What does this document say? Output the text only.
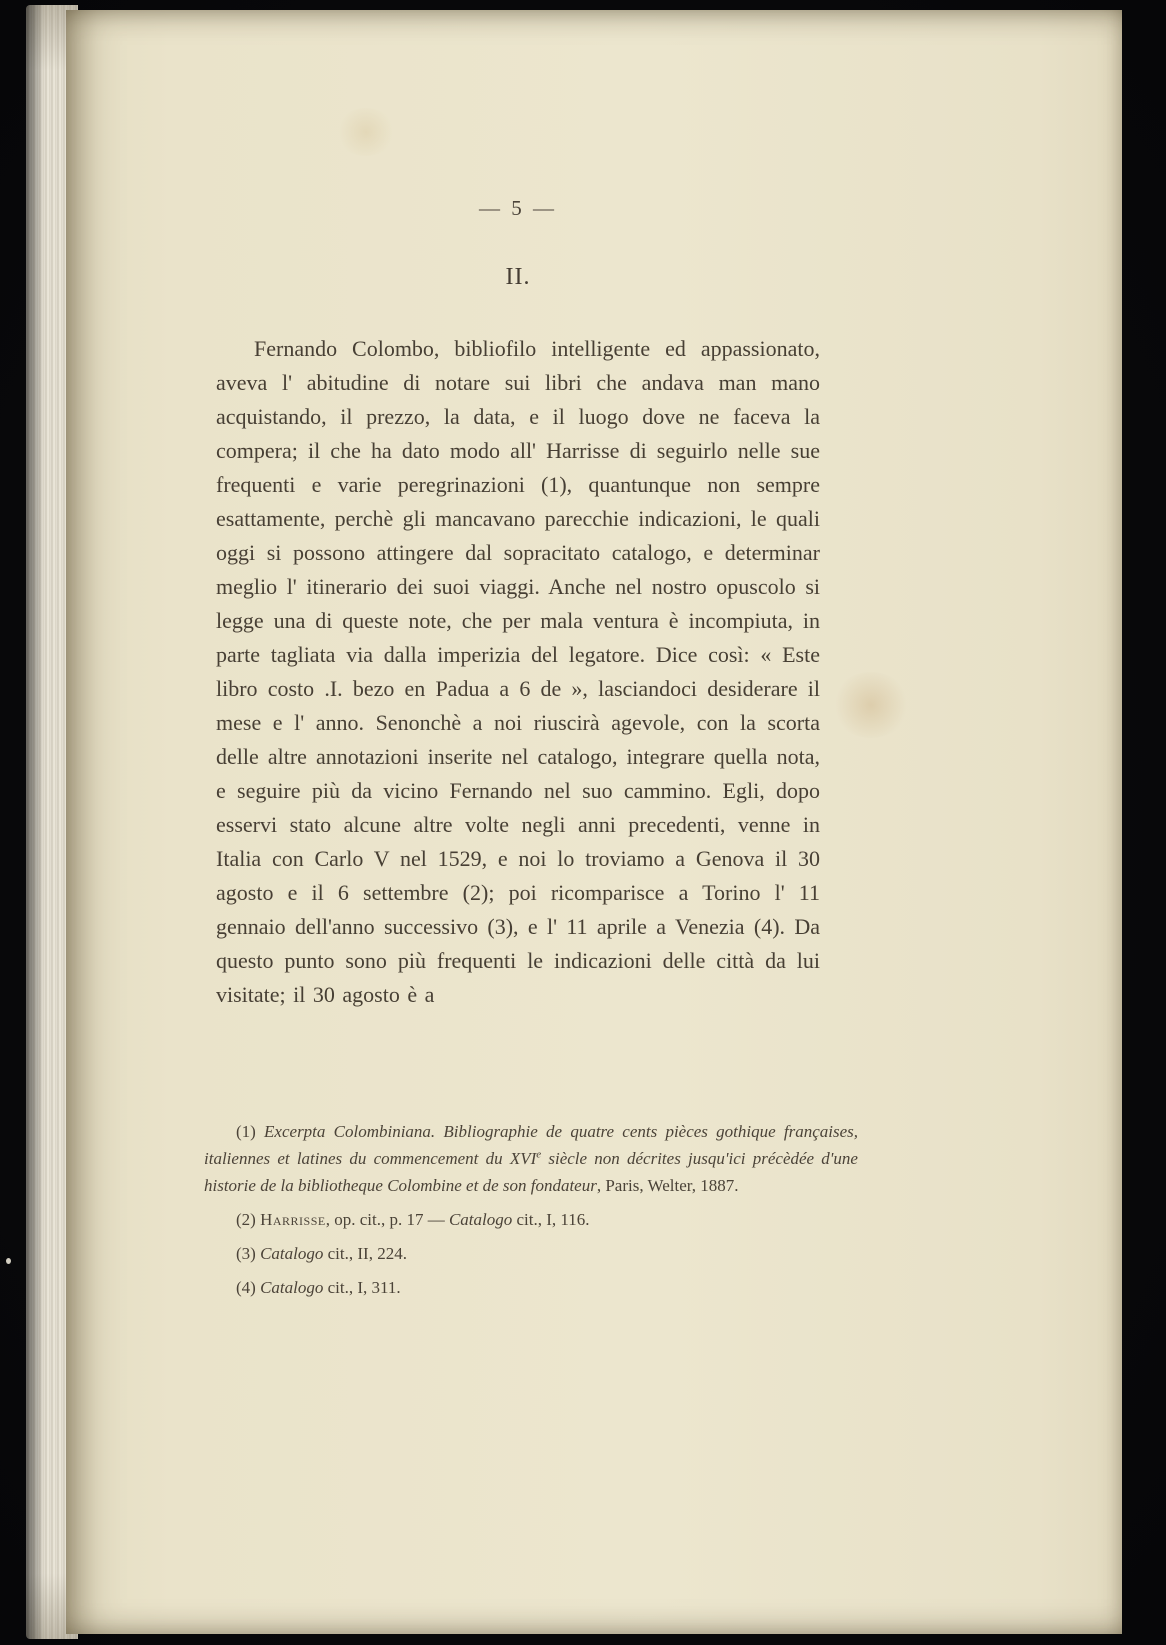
— 5 —
II.

Fernando Colombo, bibliofilo intelligente ed appassionato, aveva l' abitudine di notare sui libri che andava man mano acquistando, il prezzo, la data, e il luogo dove ne faceva la compera; il che ha dato modo all' Harrisse di seguirlo nelle sue frequenti e varie peregrinazioni (1), quantunque non sempre esattamente, perchè gli mancavano parecchie indicazioni, le quali oggi si possono attingere dal sopracitato catalogo, e determinar meglio l' itinerario dei suoi viaggi. Anche nel nostro opuscolo si legge una di queste note, che per mala ventura è incompiuta, in parte tagliata via dalla imperizia del legatore. Dice così: « Este libro costo .I. bezo en Padua a 6 de », lasciandoci desiderare il mese e l' anno. Senonchè a noi riuscirà agevole, con la scorta delle altre annotazioni inserite nel catalogo, integrare quella nota, e seguire più da vicino Fernando nel suo cammino. Egli, dopo esservi stato alcune altre volte negli anni precedenti, venne in Italia con Carlo V nel 1529, e noi lo troviamo a Genova il 30 agosto e il 6 settembre (2); poi ricomparisce a Torino l' 11 gennaio dell'anno successivo (3), e l' 11 aprile a Venezia (4). Da questo punto sono più frequenti le indicazioni delle città da lui visitate; il 30 agosto è a

(1) Excerpta Colombiniana. Bibliographie de quatre cents pièces gothique françaises, italiennes et latines du commencement du XVIe siècle non décrites jusqu'ici précèdée d'une historie de la bibliotheque Colombine et de son fondateur, Paris, Welter, 1887.

(2) Harrisse, op. cit., p. 17 — Catalogo cit., I, 116.

(3) Catalogo cit., II, 224.

(4) Catalogo cit., I, 311.
